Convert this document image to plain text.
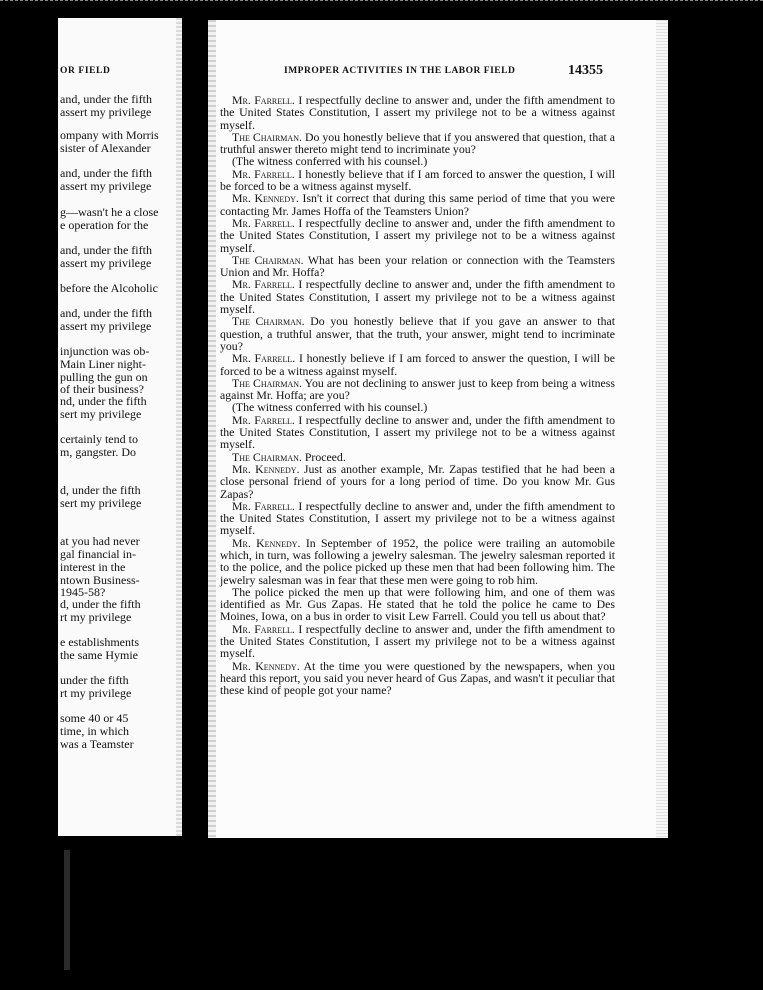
OR FIELD
and, under the fifth
assert my privilege
ompany with Morris
sister of Alexander
and, under the fifth
assert my privilege
g—wasn't he a close
e operation for the
and, under the fifth
assert my privilege
before the Alcoholic
and, under the fifth
assert my privilege
injunction was ob-
Main Liner night-
pulling the gun on
of their business?
nd, under the fifth
sert my privilege
certainly tend to
m, gangster. Do
d, under the fifth
sert my privilege
at you had never
gal financial in-
interest in the
ntown Business-
1945-58?
d, under the fifth
rt my privilege
e establishments
the same Hymie
under the fifth
rt my privilege
some 40 or 45
time, in which
was a Teamster
IMPROPER ACTIVITIES IN THE LABOR FIELD	14355

Mr. Farrell. I respectfully decline to answer and, under the fifth amendment to the United States Constitution, I assert my privilege not to be a witness against myself.

The Chairman. Do you honestly believe that if you answered that question, that a truthful answer thereto might tend to incriminate you?

(The witness conferred with his counsel.)

Mr. Farrell. I honestly believe that if I am forced to answer the question, I will be forced to be a witness against myself.

Mr. Kennedy. Isn't it correct that during this same period of time that you were contacting Mr. James Hoffa of the Teamsters Union?

Mr. Farrell. I respectfully decline to answer and, under the fifth amendment to the United States Constitution, I assert my privilege not to be a witness against myself.

The Chairman. What has been your relation or connection with the Teamsters Union and Mr. Hoffa?

Mr. Farrell. I respectfully decline to answer and, under the fifth amendment to the United States Constitution, I assert my privilege not to be a witness against myself.

The Chairman. Do you honestly believe that if you gave an answer to that question, a truthful answer, that the truth, your answer, might tend to incriminate you?

Mr. Farrell. I honestly believe if I am forced to answer the question, I will be forced to be a witness against myself.

The Chairman. You are not declining to answer just to keep from being a witness against Mr. Hoffa; are you?

(The witness conferred with his counsel.)

Mr. Farrell. I respectfully decline to answer and, under the fifth amendment to the United States Constitution, I assert my privilege not to be a witness against myself.

The Chairman. Proceed.

Mr. Kennedy. Just as another example, Mr. Zapas testified that he had been a close personal friend of yours for a long period of time. Do you know Mr. Gus Zapas?

Mr. Farrell. I respectfully decline to answer and, under the fifth amendment to the United States Constitution, I assert my privilege not to be a witness against myself.

Mr. Kennedy. In September of 1952, the police were trailing an automobile which, in turn, was following a jewelry salesman. The jewelry salesman reported it to the police, and the police picked up these men that had been following him. The jewelry salesman was in fear that these men were going to rob him.

The police picked the men up that were following him, and one of them was identified as Mr. Gus Zapas. He stated that he told the police he came to Des Moines, Iowa, on a bus in order to visit Lew Farrell. Could you tell us about that?

Mr. Farrell. I respectfully decline to answer and, under the fifth amendment to the United States Constitution, I assert my privilege not to be a witness against myself.

Mr. Kennedy. At the time you were questioned by the newspapers, when you heard this report, you said you never heard of Gus Zapas, and wasn't it peculiar that these kind of people got your name?
